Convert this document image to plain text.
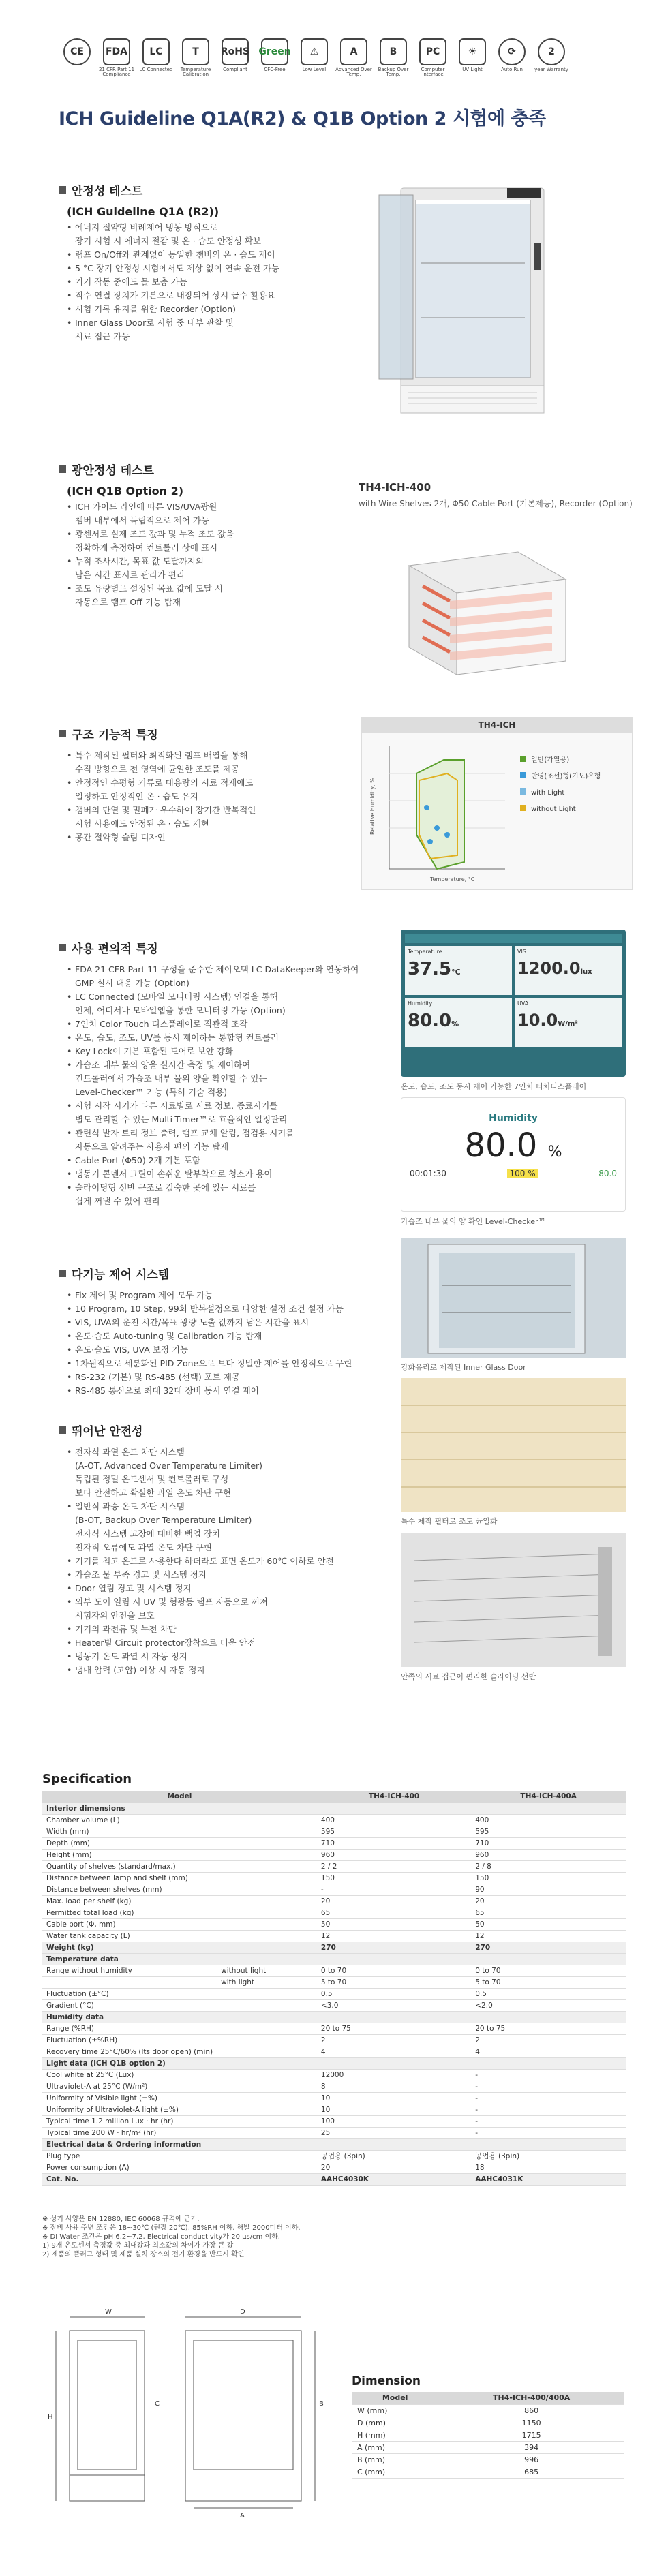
CE	FDA
21 CFR Part 11 Compliance
LC
LC Connected
T
Temperature Calibration
RoHS
Compliant
Green
CFC-Free
⚠
Low Level
A
Advanced Over Temp.
B
Backup Over Temp.
PC
Computer Interface
☀
UV Light
⟳
Auto Run
2
year Warranty
ICH Guideline Q1A(R2) & Q1B Option 2 시험에 충족
안정성 테스트
(ICH Guideline Q1A (R2))
• 에너지 절약형 비례제어 냉동 방식으로
장기 시험 시 에너지 절감 및 온 · 습도 안정성 확보
• 램프 On/Off와 관계없이 동일한 챔버의 온 · 습도 제어
• 5 °C 장기 안정성 시험에서도 제상 없이 연속 운전 가능
• 기기 작동 중에도 물 보충 가능
• 직수 연결 장치가 기본으로 내장되어 상시 급수 활용요
• 시험 기록 유지를 위한 Recorder (Option)
• Inner Glass Door로 시험 중 내부 관찰 및
시료 접근 가능
TH4-ICH-400
with Wire Shelves 2개, Φ50 Cable Port (기본제공), Recorder (Option)
광안정성 테스트
(ICH Q1B Option 2)
• ICH 가이드 라인에 따른 VIS/UVA광원
챔버 내부에서 독립적으로 제어 가능
• 광센서로 실제 조도 값과 및 누적 조도 값을
정확하게 측정하여 컨트롤러 상에 표시
• 누적 조사시간, 목표 값 도달까지의
남은 시간 표시로 관리가 편리
• 조도 유량별로 설정된 목표 값에 도달 시
자동으로 램프 Off 기능 탑재
구조 기능적 특징
• 특수 제작된 필터와 최적화된 램프 배열을 통해
수직 방향으로 전 영역에 균일한 조도를 제공
• 안정적인 수평형 기류로 대용량의 시료 적재에도
일정하고 안정적인 온 · 습도 유지
• 챔버의 단열 및 밀폐가 우수하여 장기간 반복적인
시험 사용에도 안정된 온 · 습도 재현
• 공간 절약형 슬림 디자인
TH4-ICH
Relative Humidity, %
Temperature, °C
일반(가열용)
반영(조선)형(기오)유형
with Light
without Light
사용 편의적 특징
• FDA 21 CFR Part 11 구성을 준수한 제이오텍 LC DataKeeper와 연동하여
GMP 실시 대응 가능 (Option)
• LC Connected (모바일 모니터링 시스템) 연결을 통해
언제, 어디서나 모바일앱을 통한 모니터링 가능 (Option)
• 7인치 Color Touch 디스플레이로 직관적 조작
• 온도, 습도, 조도, UV를 동시 제어하는 통합형 컨트롤러
• Key Lock이 기본 포함된 도어로 보안 강화
• 가습조 내부 물의 양을 실시간 측정 및 제어하여
컨트롤러에서 가습조 내부 물의 양을 확인할 수 있는
Level-Checker™ 기능 (특허 기술 적용)
• 시험 시작 시기가 다른 시료별로 시료 정보, 종료시기를
별도 관리할 수 있는 Multi-Timer™로 효율적인 일정관리
• 관련식 발자 트리 정보 출력, 램프 교체 알림, 점검용 시기를
자동으로 알려주는 사용자 편의 기능 탑재
• Cable Port (Φ50) 2개 기본 포함
• 냉동기 콘덴서 그릴이 손쉬운 탈부착으로 청소가 용이
• 슬라이딩형 선반 구조로 깊숙한 곳에 있는 시료를
쉽게 꺼낼 수 있어 편리
Temperature
37.5°C
VIS
1200.0lux
Humidity
80.0%
UVA
10.0W/m²
온도, 습도, 조도 동시 제어 가능한 7인치 터치디스플레이
Humidity
80.0 %
00:01:30	100 %	80.0
가습조 내부 물의 양 확인 Level-Checker™
다기능 제어 시스템
• Fix 제어 및 Program 제어 모두 가능
• 10 Program, 10 Step, 99회 반복설정으로 다양한 설정 조건 설정 가능
• VIS, UVA의 운전 시간/목표 광량 노출 값까지 남은 시간을 표시
• 온도·습도 Auto-tuning 및 Calibration 기능 탑재
• 온도·습도 VIS, UVA 보정 기능
• 1차원적으로 세분화된 PID Zone으로 보다 정밀한 제어를 안정적으로 구현
• RS-232 (기본) 및 RS-485 (선택) 포트 제공
• RS-485 통신으로 최대 32대 장비 동시 연결 제어
강화유리로 제작된 Inner Glass Door
뛰어난 안전성
• 전자식 과열 온도 차단 시스템
(A-OT, Advanced Over Temperature Limiter)
독립된 정밀 온도센서 및 컨트롤러로 구성
보다 안전하고 확실한 과열 온도 차단 구현
• 일반식 과승 온도 차단 시스템
(B-OT, Backup Over Temperature Limiter)
전자식 시스템 고장에 대비한 백업 장치
전자적 오류에도 과열 온도 차단 구현
• 기기를 최고 온도로 사용한다 하더라도 표면 온도가 60℃ 이하로 안전
• 가습조 물 부족 경고 및 시스템 정지
• Door 열림 경고 및 시스템 정지
• 외부 도어 열림 시 UV 및 형광등 램프 자동으로 꺼져
시험자의 안전을 보호
• 기기의 과전류 및 누전 차단
• Heater별 Circuit protector장착으로 더욱 안전
• 냉동기 온도 과열 시 자동 정지
• 냉매 압력 (고압) 이상 시 자동 정지
특수 제작 필터로 조도 균일화
안쪽의 시료 접근이 편리한 슬라이딩 선반
Specification
Model		TH4-ICH-400	TH4-ICH-400A
Interior dimensions			
Chamber volume (L)		400	400
Width (mm)		595	595
Depth (mm)		710	710
Height (mm)		960	960
Quantity of shelves (standard/max.)		2 / 2	2 / 8
Distance between lamp and shelf (mm)		150	150
Distance between shelves (mm)		-	90
Max. load per shelf (kg)		20	20
Permitted total load (kg)		65	65
Cable port (Φ, mm)		50	50
Water tank capacity (L)		12	12
Weight (kg)		270	270
Temperature data			
Range without humidity	without light	0 to 70	0 to 70
	with light	5 to 70	5 to 70
Fluctuation (±°C)		0.5	0.5
Gradient (°C)		<3.0	<2.0
Humidity data			
Range (%RH)		20 to 75	20 to 75
Fluctuation (±%RH)		2	2
Recovery time 25°C/60% (Its door open) (min)		4	4
Light data (ICH Q1B option 2)			
Cool white at 25°C (Lux)		12000	-
Ultraviolet-A at 25°C (W/m²)		8	-
Uniformity of Visible light (±%)		10	-
Uniformity of Ultraviolet-A light (±%)		10	-
Typical time 1.2 million Lux · hr (hr)		100	-
Typical time 200 W · hr/m² (hr)		25	-
Electrical data & Ordering information			
Plug type		공업용 (3pin)	공업용 (3pin)
Power consumption (A)		20	18
Cat. No.		AAHC4030K	AAHC4031K
※ 성기 사양은 EN 12880, IEC 60068 규격에 근거.
※ 장비 사용 주변 조건은 18~30℃ (권장 20℃), 85%RH 이하, 해발 2000미터 이하.
※ DI Water 조건은 pH 6.2~7.2, Electrical conductivity가 20 μs/cm 이하.
1) 9개 온도센서 측정값 중 최대값과 최소값의 차이가 가장 큰 값
2) 제품의 플러그 형태 및 제품 설치 장소의 전기 환경을 반드시 확인
W	D
H
B
A
C
Dimension
Model	TH4-ICH-400/400A
W (mm)	860
D (mm)	1150
H (mm)	1715
A (mm)	394
B (mm)	996
C (mm)	685
